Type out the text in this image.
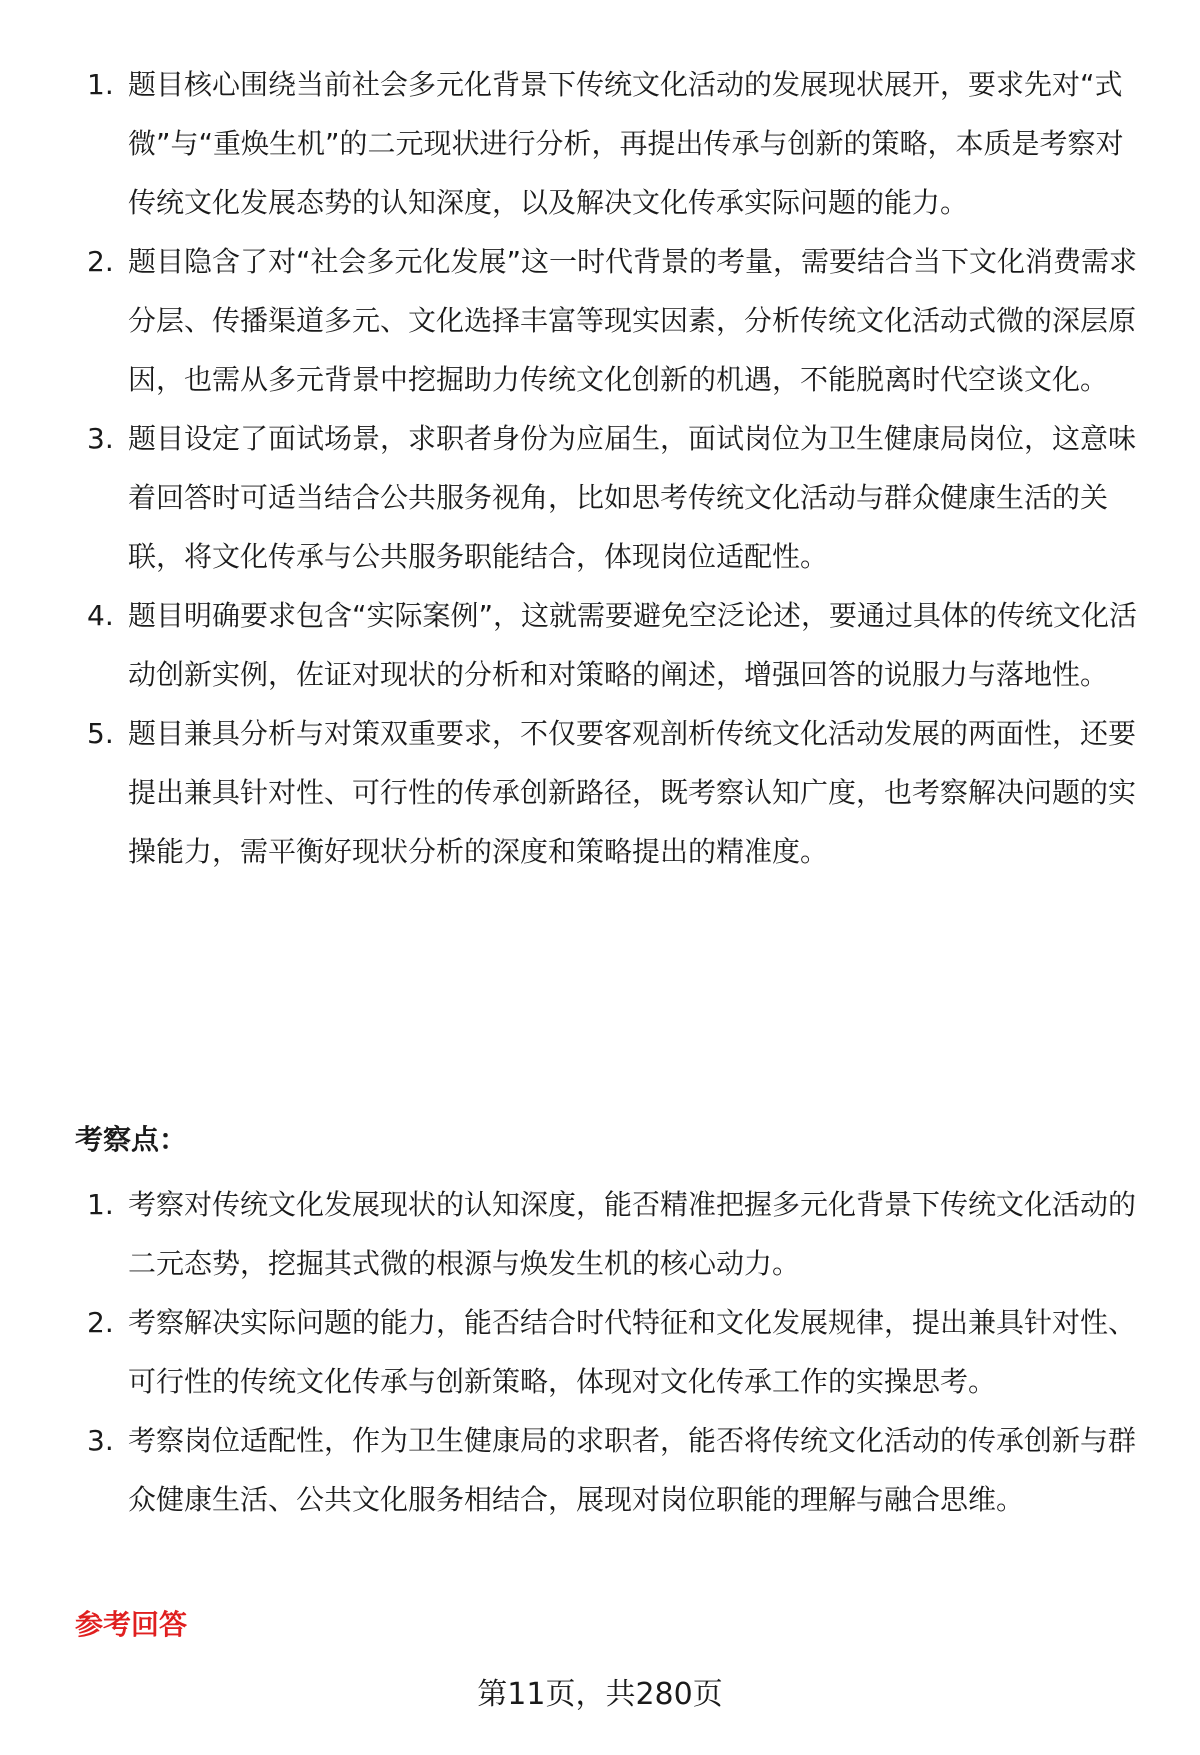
1. 题目核心围绕当前社会多元化背景下传统文化活动的发展现状展开，要求先对“式微”与“重焕生机”的二元现状进行分析，再提出传承与创新的策略，本质是考察对传统文化发展态势的认知深度，以及解决文化传承实际问题的能力。
2. 题目隐含了对“社会多元化发展”这一时代背景的考量，需要结合当下文化消费需求分层、传播渠道多元、文化选择丰富等现实因素，分析传统文化活动式微的深层原因，也需从多元背景中挖掘助力传统文化创新的机遇，不能脱离时代空谈文化。
3. 题目设定了面试场景，求职者身份为应届生，面试岗位为卫生健康局岗位，这意味着回答时可适当结合公共服务视角，比如思考传统文化活动与群众健康生活的关联，将文化传承与公共服务职能结合，体现岗位适配性。
4. 题目明确要求包含“实际案例”，这就需要避免空泛论述，要通过具体的传统文化活动创新实例，佐证对现状的分析和对策略的阐述，增强回答的说服力与落地性。
5. 题目兼具分析与对策双重要求，不仅要客观剖析传统文化活动发展的两面性，还要提出兼具针对性、可行性的传承创新路径，既考察认知广度，也考察解决问题的实操能力，需平衡好现状分析的深度和策略提出的精准度。
考察点：
1. 考察对传统文化发展现状的认知深度，能否精准把握多元化背景下传统文化活动的二元态势，挖掘其式微的根源与焕发生机的核心动力。
2. 考察解决实际问题的能力，能否结合时代特征和文化发展规律，提出兼具针对性、可行性的传统文化传承与创新策略，体现对文化传承工作的实操思考。
3. 考察岗位适配性，作为卫生健康局的求职者，能否将传统文化活动的传承创新与群众健康生活、公共文化服务相结合，展现对岗位职能的理解与融合思维。
参考回答
第11页，共280页
